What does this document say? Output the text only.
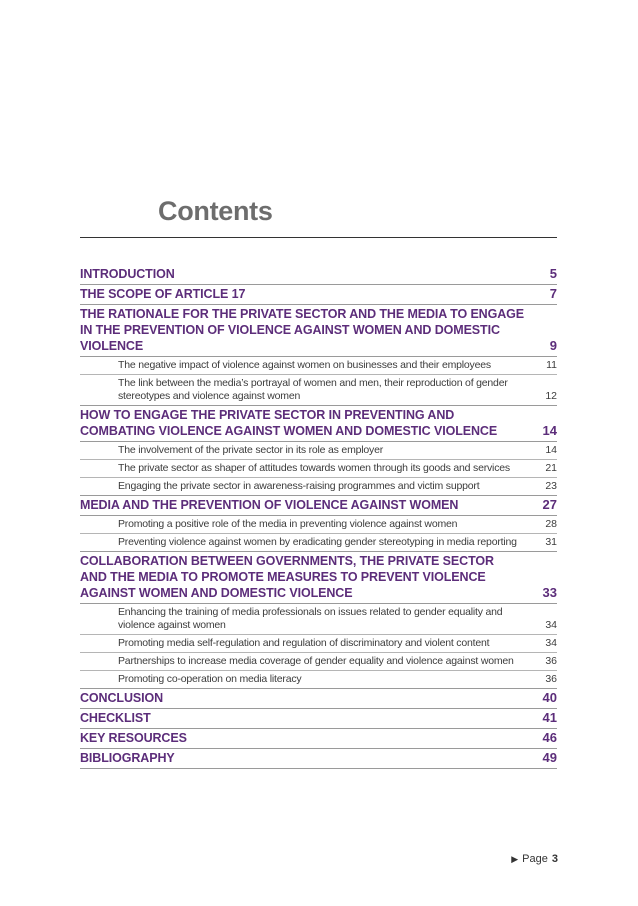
Contents
INTRODUCTION	5
THE SCOPE OF ARTICLE 17	7
THE RATIONALE FOR THE PRIVATE SECTOR AND THE MEDIA TO ENGAGE IN THE PREVENTION OF VIOLENCE AGAINST WOMEN AND DOMESTIC VIOLENCE	9
The negative impact of violence against women on businesses and their employees	11
The link between the media’s portrayal of women and men, their reproduction of gender stereotypes and violence against women	12
HOW TO ENGAGE THE PRIVATE SECTOR IN PREVENTING AND COMBATING VIOLENCE AGAINST WOMEN AND DOMESTIC VIOLENCE	14
The involvement of the private sector in its role as employer	14
The private sector as shaper of attitudes towards women through its goods and services	21
Engaging the private sector in awareness-raising programmes and victim support	23
MEDIA AND THE PREVENTION OF VIOLENCE AGAINST WOMEN	27
Promoting a positive role of the media in preventing violence against women	28
Preventing violence against women by eradicating gender stereotyping in media reporting	31
COLLABORATION BETWEEN GOVERNMENTS, THE PRIVATE SECTOR AND THE MEDIA TO PROMOTE MEASURES TO PREVENT VIOLENCE AGAINST WOMEN AND DOMESTIC VIOLENCE	33
Enhancing the training of media professionals on issues related to gender equality and violence against women	34
Promoting media self-regulation and regulation of discriminatory and violent content	34
Partnerships to increase media coverage of gender equality and violence against women	36
Promoting co-operation on media literacy	36
CONCLUSION	40
CHECKLIST	41
KEY RESOURCES	46
BIBLIOGRAPHY	49
▶ Page 3
